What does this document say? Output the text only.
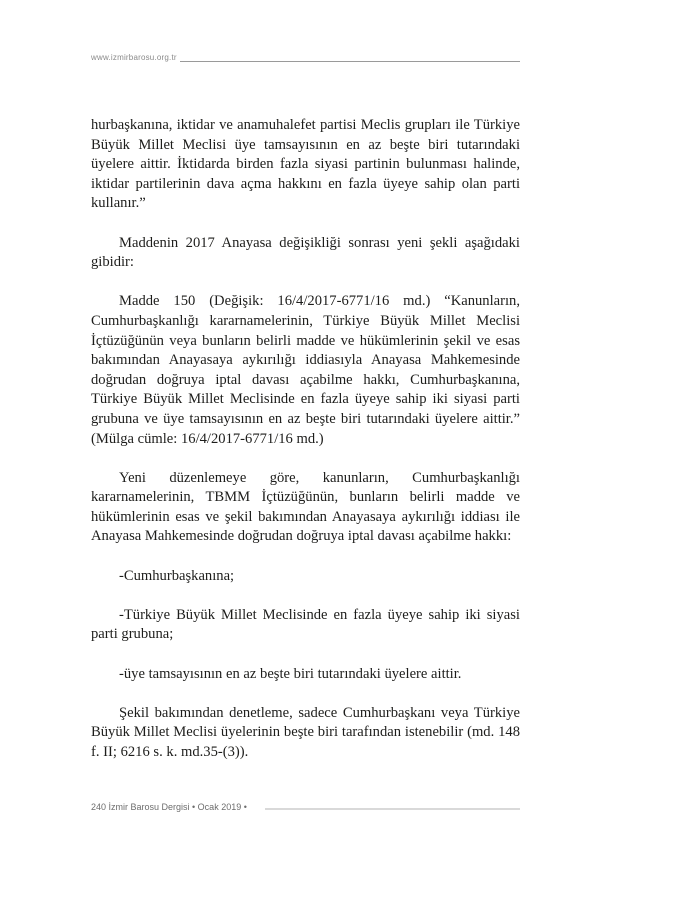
www.izmirbarosu.org.tr

hurbaşkanına, iktidar ve anamuhalefet partisi Meclis grupları ile Türkiye Büyük Millet Meclisi üye tamsayısının en az beşte biri tutarındaki üyelere aittir. İktidarda birden fazla siyasi partinin bulunması halinde, iktidar partilerinin dava açma hakkını en fazla üyeye sahip olan parti kullanır.”

Maddenin 2017 Anayasa değişikliği sonrası yeni şekli aşağıdaki gibidir:

Madde 150 (Değişik: 16/4/2017-6771/16 md.) “Kanunların, Cumhurbaşkanlığı kararnamelerinin, Türkiye Büyük Millet Meclisi İçtüzüğünün veya bunların belirli madde ve hükümlerinin şekil ve esas bakımından Anayasaya aykırılığı iddiasıyla Anayasa Mahkemesinde doğrudan doğruya iptal davası açabilme hakkı, Cumhurbaşkanına, Türkiye Büyük Millet Meclisinde en fazla üyeye sahip iki siyasi parti grubuna ve üye tamsayısının en az beşte biri tutarındaki üyelere aittir.” (Mülga cümle: 16/4/2017-6771/16 md.)

Yeni düzenlemeye göre, kanunların, Cumhurbaşkanlığı kararnamelerinin, TBMM İçtüzüğünün, bunların belirli madde ve hükümlerinin esas ve şekil bakımından Anayasaya aykırılığı iddiası ile Anayasa Mahkemesinde doğrudan doğruya iptal davası açabilme hakkı:

-Cumhurbaşkanına;

-Türkiye Büyük Millet Meclisinde en fazla üyeye sahip iki siyasi parti grubuna;

-üye tamsayısının en az beşte biri tutarındaki üyelere aittir.

Şekil bakımından denetleme, sadece Cumhurbaşkanı veya Türkiye Büyük Millet Meclisi üyelerinin beşte biri tarafından istenebilir (md. 148 f. II; 6216 s. k. md.35-(3)).

240 İzmir Barosu Dergisi • Ocak 2019 •
